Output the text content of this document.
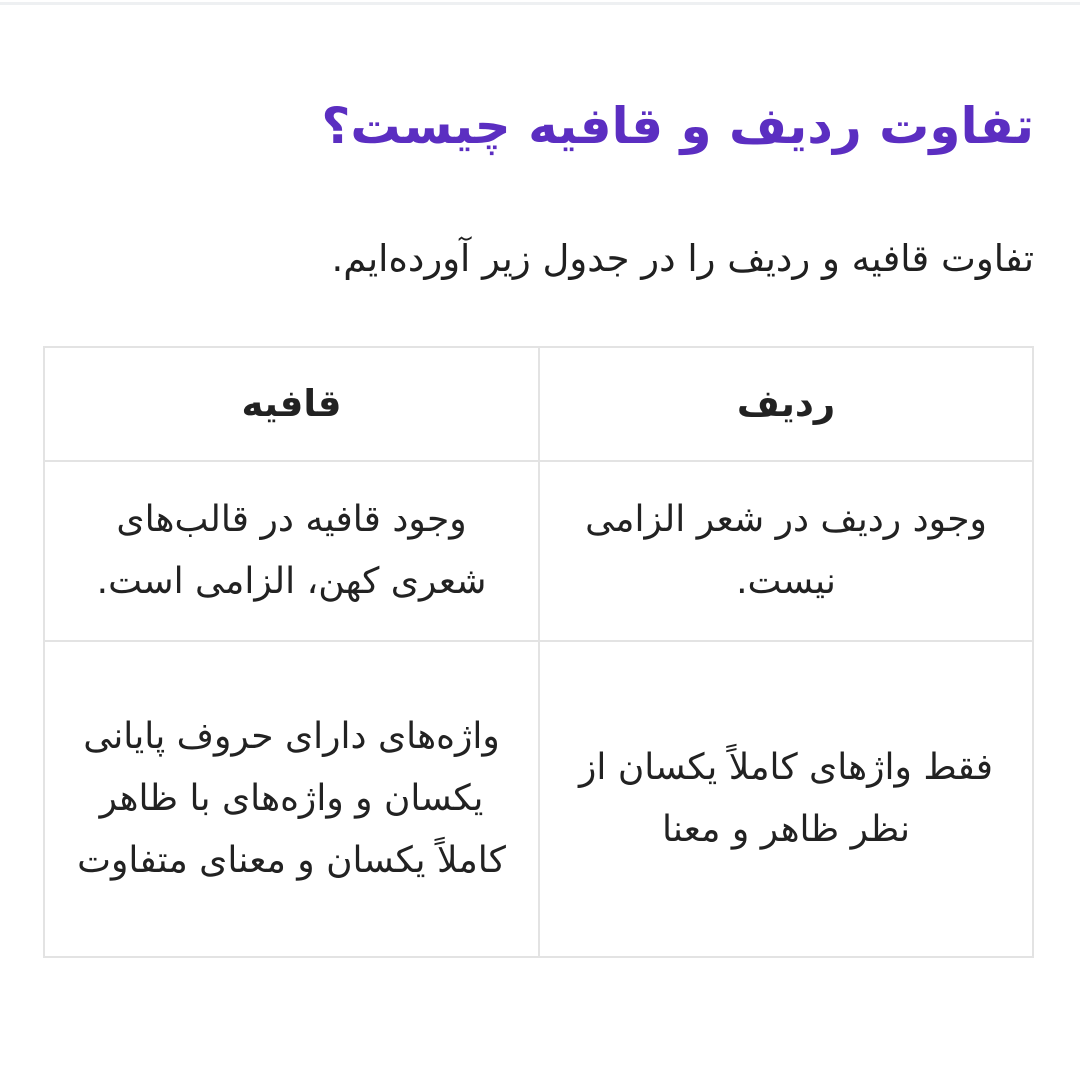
تفاوت ردیف و قافیه چیست؟

تفاوت قافیه و ردیف را در جدول زیر آورده‌ایم.

ردیف	قافیه
وجود ردیف در شعر الزامی نیست.	وجود قافیه در قالب‌های شعری کهن، الزامی است.
فقط واژهای کاملاً یکسان از نظر ظاهر و معنا	واژه‌های دارای حروف پایانی یکسان و واژه‌های با ظاهر کاملاً یکسان و معنای متفاوت
